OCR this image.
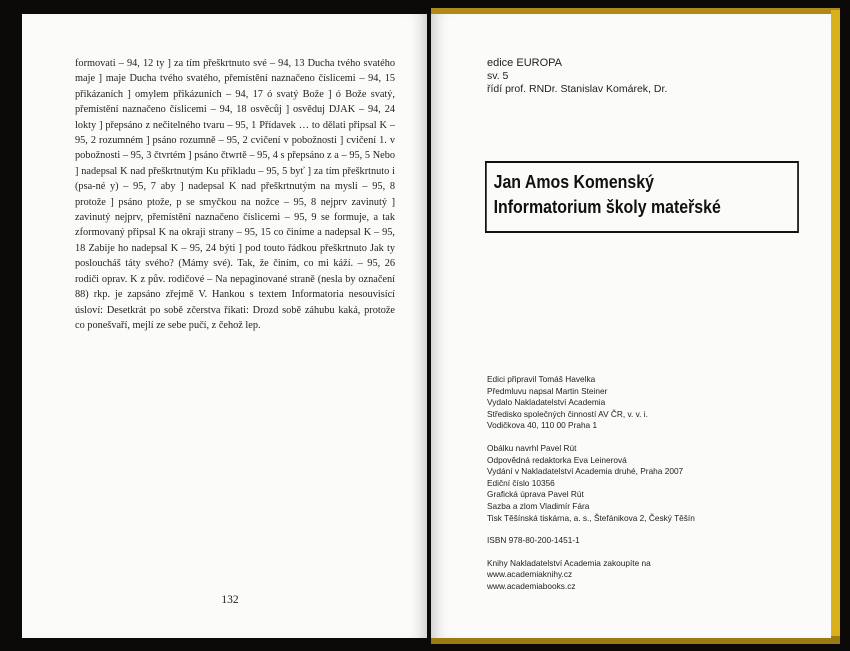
formovati – 94, 12 ty ] za tím přeškrtnuto své – 94, 13 Ducha tvého svatého maje ] maje Ducha tvého svatého, přemístění naznačeno číslicemi – 94, 15 přikázaních ] omylem přikázuních – 94, 17 ó svatý Bože ] ó Bože svatý, přemístění naznačeno číslicemi – 94, 18 osvěcůj ] osvěduj DJAK – 94, 24 lokty ] přepsáno z nečitelného tvaru – 95, 1 Přídavek … to dělati připsal K – 95, 2 rozumném ] psáno rozumně – 95, 2 cvičení v pobožnosti ] cvičení 1. v pobožnosti – 95, 3 čtvrtém ] psáno čtwrtě – 95, 4 s přepsáno z a – 95, 5 Nebo ] nadepsal K nad přeškrtnutým Ku příkladu – 95, 5 byť ] za tím přeškrtnuto i (psa-né y) – 95, 7 aby ] nadepsal K nad přeškrtnutým na mysli – 95, 8 protože ] psáno ptože, p se smyčkou na nožce – 95, 8 nejprv zavinutý ] zavinutý nejprv, přemístění naznačeno číslicemi – 95, 9 se formuje, a tak zformovaný připsal K na okraji strany – 95, 15 co činíme a nadepsal K – 95, 18 Zabije ho nadepsal K – 95, 24 býti ] pod touto řádkou přeškrtnuto Jak ty posloucháš táty svého? (Mámy své). Tak, že činím, co mi káží. – 95, 26 rodiči oprav. K z pův. rodičové – Na nepaginované straně (nesla by označení 88) rkp. je zapsáno zřejmě V. Hankou s textem Informatoria nesouvisící úsloví: Desetkrát po sobě zčerstva říkati: Drozd sobě záhubu kaká, protože co ponešvaří, mejlí ze sebe pučí, z čehož lep.

132
edice EUROPA
sv. 5
řídí prof. RNDr. Stanislav Komárek, Dr.
Jan Amos Komenský
Informatorium školy mateřské
Edici připravil Tomáš Havelka
Předmluvu napsal Martin Steiner
Vydalo Nakladatelství Academia
Středisko společných činností AV ČR, v. v. i.
Vodičkova 40, 110 00 Praha 1
Obálku navrhl Pavel Rút
Odpovědná redaktorka Eva Leinerová
Vydání v Nakladatelství Academia druhé, Praha 2007
Ediční číslo 10356
Grafická úprava Pavel Rút
Sazba a zlom Vladimír Fára
Tisk Těšínská tiskárna, a. s., Štefánikova 2, Český Těšín
ISBN 978-80-200-1451-1
Knihy Nakladatelství Academia zakoupíte na
www.academiaknihy.cz
www.academiabooks.cz
